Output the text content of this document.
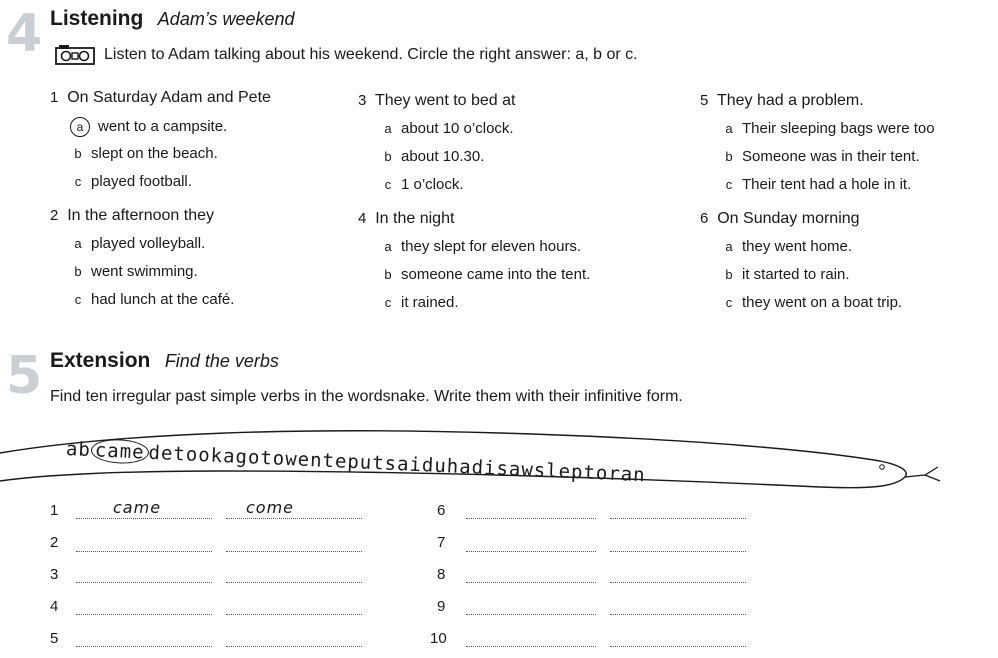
4 Listening Adam’s weekend
Listen to Adam talking about his weekend. Circle the right answer: a, b or c.
1 On Saturday Adam and Pete
a went to a campsite.
b slept on the beach.
c played football.
2 In the afternoon they
a played volleyball.
b went swimming.
c had lunch at the café.
3 They went to bed at
a about 10 o’clock.
b about 10.30.
c 1 o’clock.
4 In the night
a they slept for eleven hours.
b someone came into the tent.
c it rained.
5 They had a problem.
a Their sleeping bags were too
b Someone was in their tent.
c Their tent had a hole in it.
6 On Sunday morning
a they went home.
b it started to rain.
c they went on a boat trip.
5 Extension Find the verbs
Find ten irregular past simple verbs in the wordsnake. Write them with their infinitive form.
ab came detookagotowenteputsaiduhadisawsleptoran
1	came	come
2
3
4
5
6
7
8
9
10
